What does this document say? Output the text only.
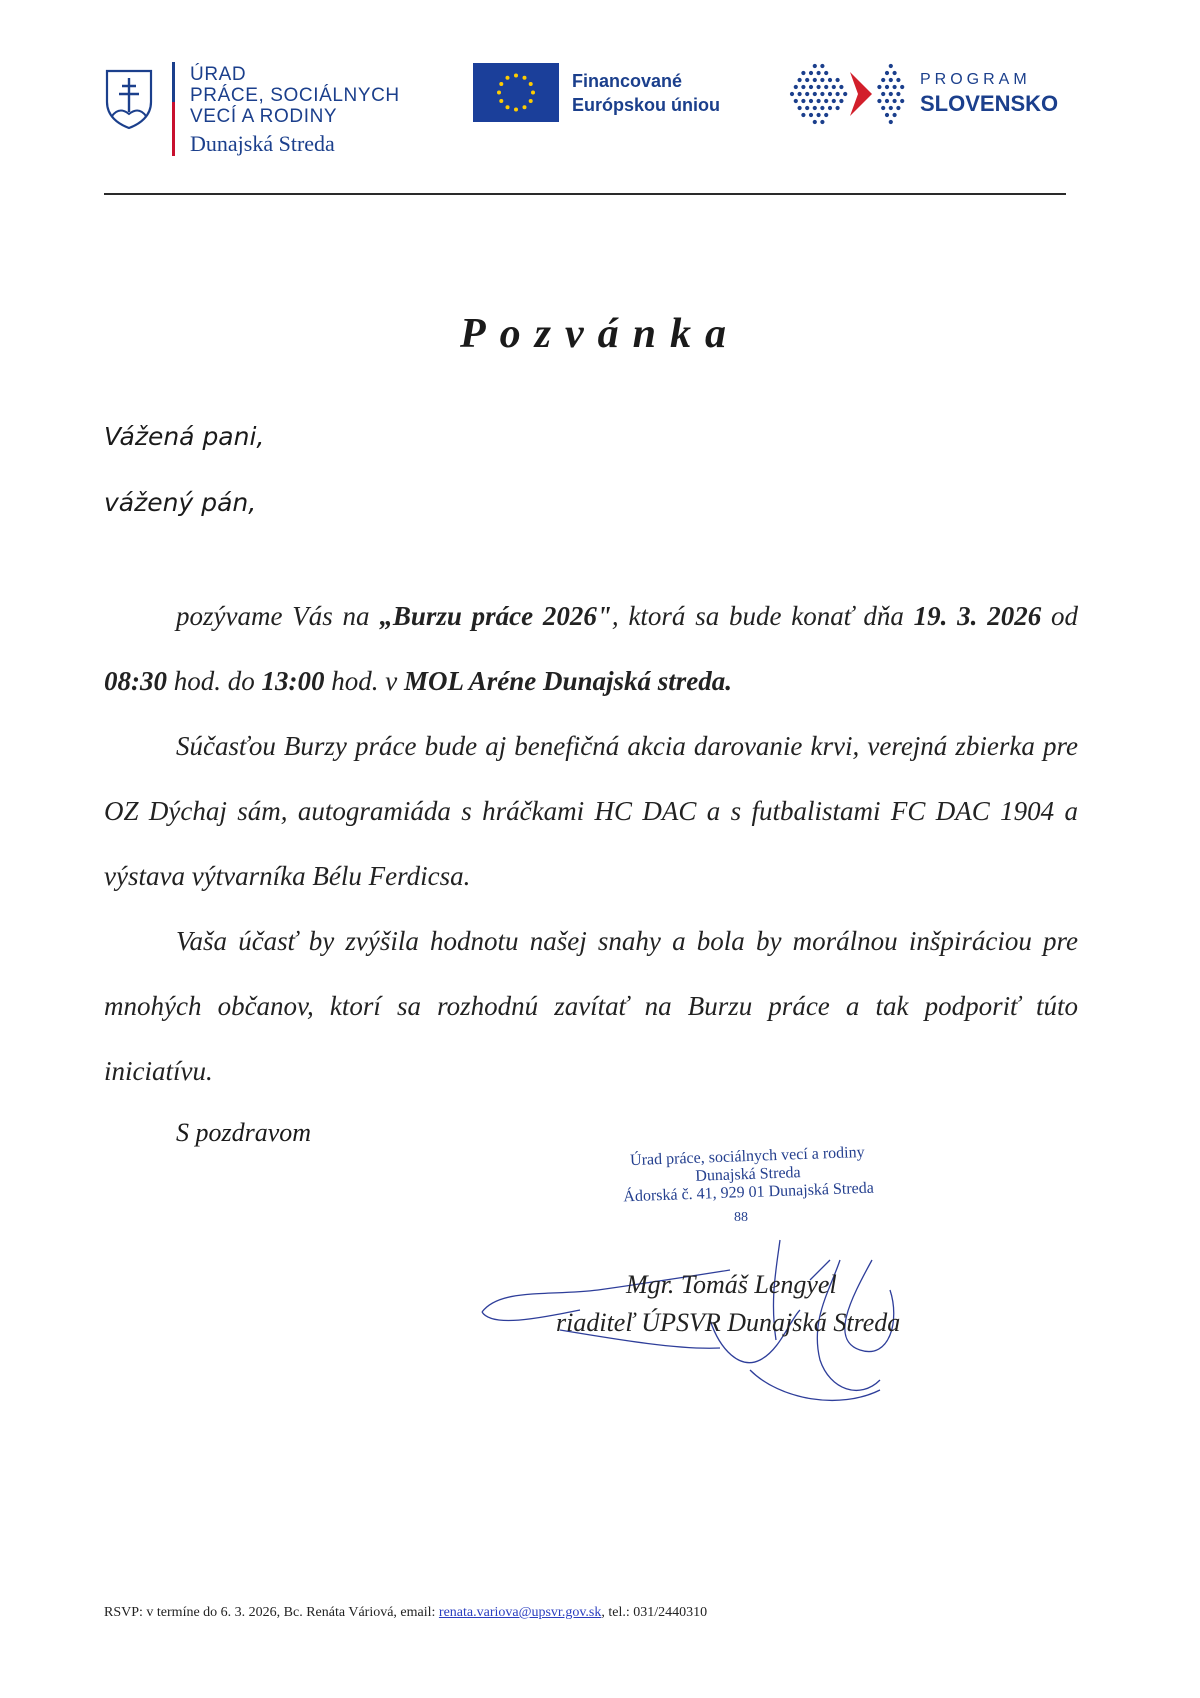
ÚRAD
PRÁCE, SOCIÁLNYCH
VECÍ A RODINY
Dunajská Streda
Financované
Európskou úniou
PROGRAM
SLOVENSKO
Pozvánka
Vážená pani,
vážený pán,
pozývame Vás na „Burzu práce 2026", ktorá sa bude konať dňa 19. 3. 2026 od 08:30 hod. do 13:00 hod. v MOL Aréne Dunajská streda.
Súčasťou Burzy práce bude aj benefičná akcia darovanie krvi, verejná zbierka pre OZ Dýchaj sám, autogramiáda s hráčkami HC DAC a s futbalistami FC DAC 1904 a výstava výtvarníka Bélu Ferdicsa.
Vaša účasť by zvýšila hodnotu našej snahy a bola by morálnou inšpiráciou pre mnohých občanov, ktorí sa rozhodnú zavítať na Burzu práce a tak podporiť túto iniciatívu.
S pozdravom
Úrad práce, sociálnych vecí a rodiny
Dunajská Streda
Ádorská č. 41, 929 01 Dunajská Streda
88
Mgr. Tomáš Lengyel
riaditeľ ÚPSVR Dunajská Streda
RSVP: v termíne do 6. 3. 2026, Bc. Renáta Váriová, email: renata.variova@upsvr.gov.sk, tel.: 031/2440310
